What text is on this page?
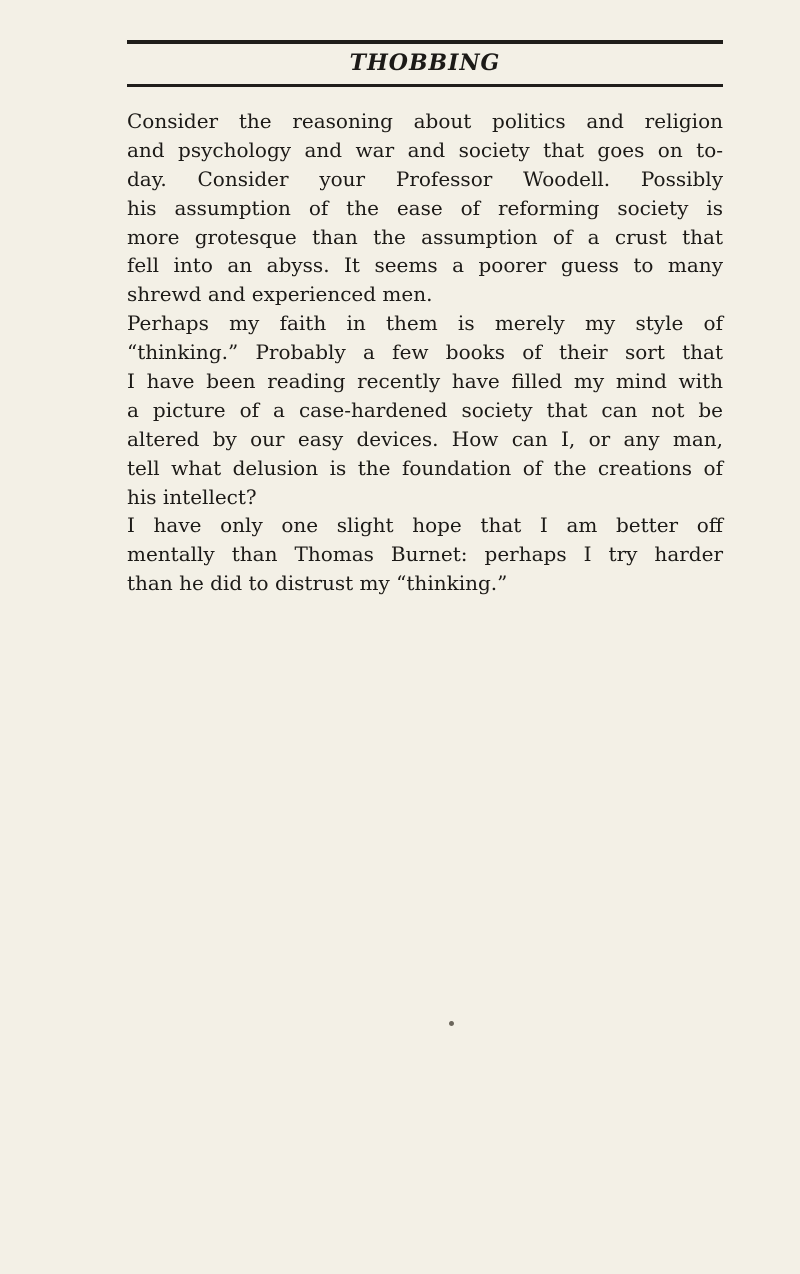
THOBBING
Consider the reasoning about politics and religion
and psychology and war and society that goes on to-
day. Consider your Professor Woodell. Possibly
his assumption of the ease of reforming society is
more grotesque than the assumption of a crust that
fell into an abyss. It seems a poorer guess to many
shrewd and experienced men.
Perhaps my faith in them is merely my style of
“thinking.” Probably a few books of their sort that
I have been reading recently have filled my mind with
a picture of a case-hardened society that can not be
altered by our easy devices. How can I, or any man,
tell what delusion is the foundation of the creations of
his intellect?
I have only one slight hope that I am better off
mentally than Thomas Burnet: perhaps I try harder
than he did to distrust my “thinking.”
